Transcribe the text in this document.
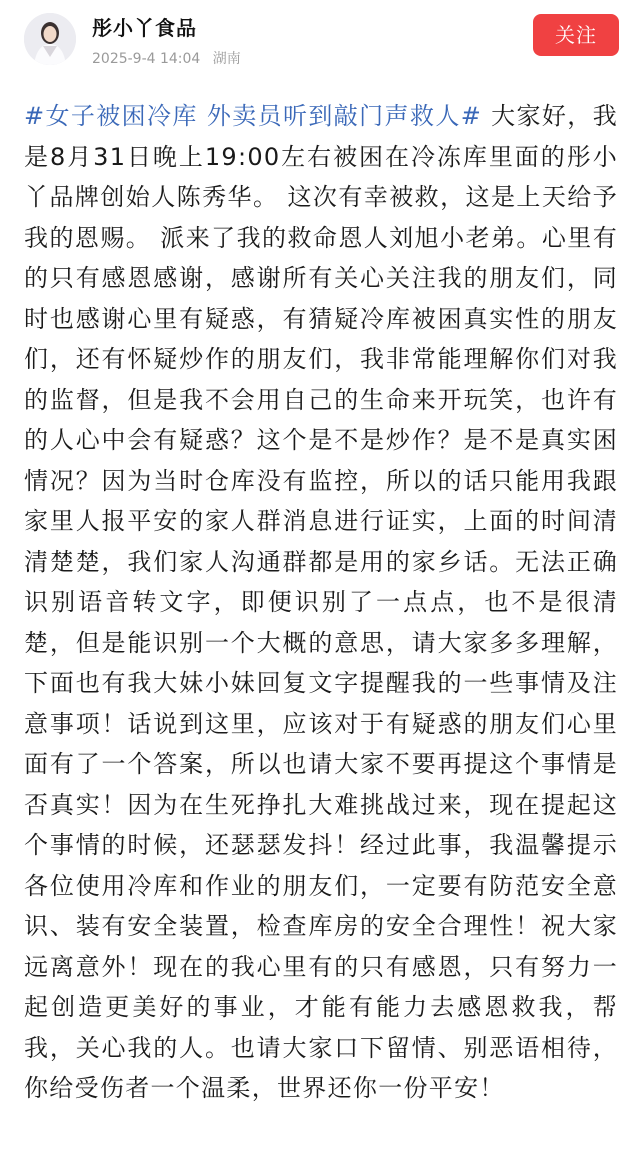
彤小丫食品
2025-9-4 14:04 湖南
关注

#女子被困冷库 外卖员听到敲门声救人# 大家好，我是8月31日晚上19:00左右被困在冷冻库里面的彤小丫品牌创始人陈秀华。 这次有幸被救，这是上天给予我的恩赐。 派来了我的救命恩人刘旭小老弟。心里有的只有感恩感谢，感谢所有关心关注我的朋友们，同时也感谢心里有疑惑，有猜疑冷库被困真实性的朋友们，还有怀疑炒作的朋友们，我非常能理解你们对我的监督，但是我不会用自己的生命来开玩笑，也许有的人心中会有疑惑？这个是不是炒作？是不是真实困情况？因为当时仓库没有监控，所以的话只能用我跟家里人报平安的家人群消息进行证实，上面的时间清清楚楚，我们家人沟通群都是用的家乡话。无法正确识别语音转文字，即便识别了一点点，也不是很清楚，但是能识别一个大概的意思，请大家多多理解，下面也有我大妹小妹回复文字提醒我的一些事情及注意事项！话说到这里，应该对于有疑惑的朋友们心里面有了一个答案，所以也请大家不要再提这个事情是否真实！因为在生死挣扎大难挑战过来，现在提起这个事情的时候，还瑟瑟发抖！经过此事，我温馨提示各位使用冷库和作业的朋友们，一定要有防范安全意识、装有安全装置，检查库房的安全合理性！祝大家远离意外！现在的我心里有的只有感恩，只有努力一起创造更美好的事业，才能有能力去感恩救我，帮我，关心我的人。也请大家口下留情、别恶语相待，你给受伤者一个温柔，世界还你一份平安！
